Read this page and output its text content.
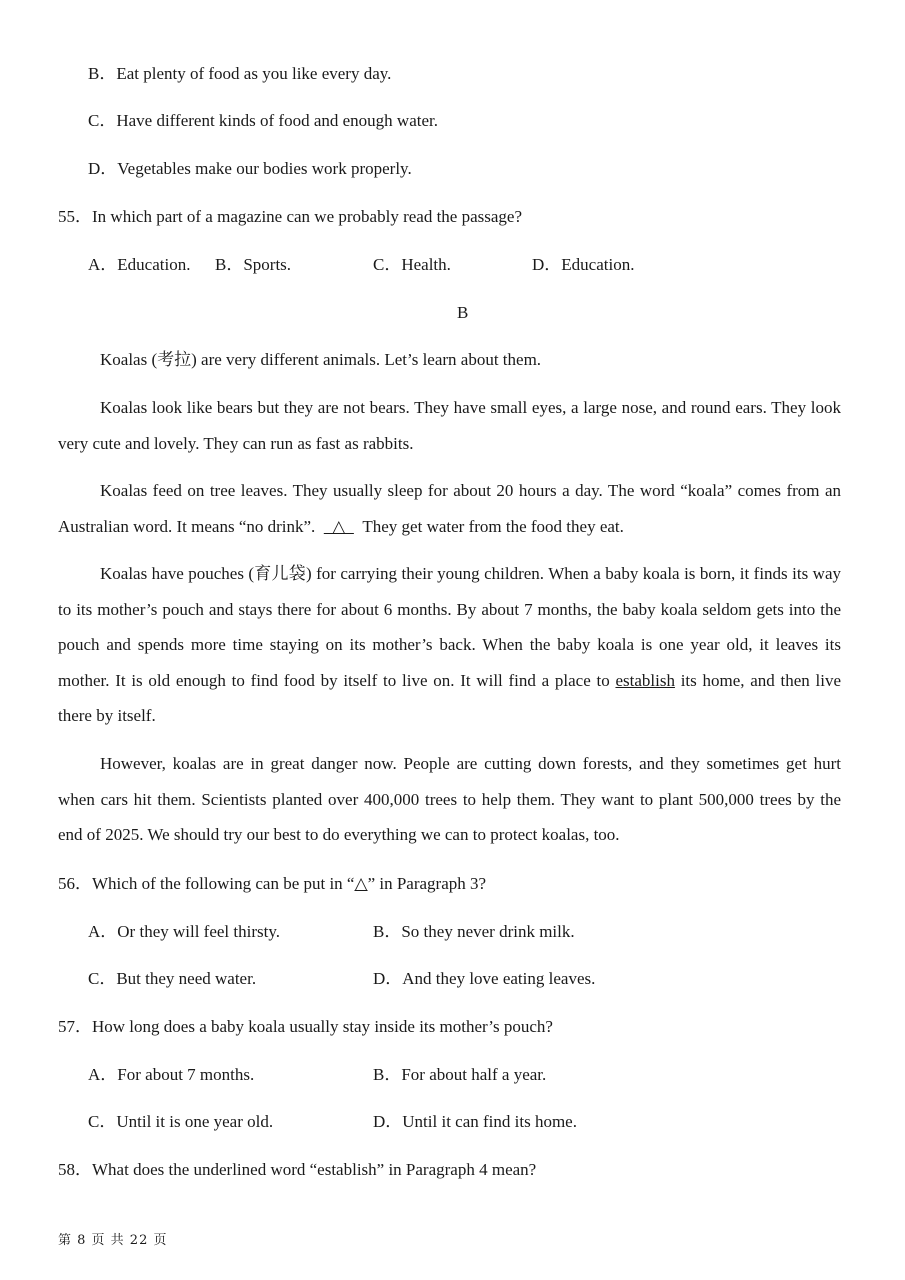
B．Eat plenty of food as you like every day.
C．Have different kinds of food and enough water.
D．Vegetables make our bodies work properly.
55．In which part of a magazine can we probably read the passage?
A．Education. B．Sports.	C．Health.	D．Education.
B
Koalas (考拉) are very different animals. Let’s learn about them.
Koalas look like bears but they are not bears. They have small eyes, a large nose, and round ears. They look very cute and lovely. They can run as fast as rabbits.
Koalas feed on tree leaves. They usually sleep for about 20 hours a day. The word “koala” comes from an Australian word. It means “no drink”.    △    They get water from the food they eat.
Koalas have pouches (育儿袋) for carrying their young children. When a baby koala is born, it finds its way to its mother’s pouch and stays there for about 6 months. By about 7 months, the baby koala seldom gets into the pouch and spends more time staying on its mother’s back. When the baby koala is one year old, it leaves its mother. It is old enough to find food by itself to live on. It will find a place to establish its home, and then live there by itself.
However, koalas are in great danger now. People are cutting down forests, and they sometimes get hurt when cars hit them. Scientists planted over 400,000 trees to help them. They want to plant 500,000 trees by the end of 2025. We should try our best to do everything we can to protect koalas, too.
56．Which of the following can be put in “△” in Paragraph 3?
A．Or they will feel thirsty.	B．So they never drink milk.
C．But they need water.	D．And they love eating leaves.
57．How long does a baby koala usually stay inside its mother’s pouch?
A．For about 7 months.	B．For about half a year.
C．Until it is one year old.	D．Until it can find its home.
58．What does the underlined word “establish” in Paragraph 4 mean?
第 8 页 共 22 页
